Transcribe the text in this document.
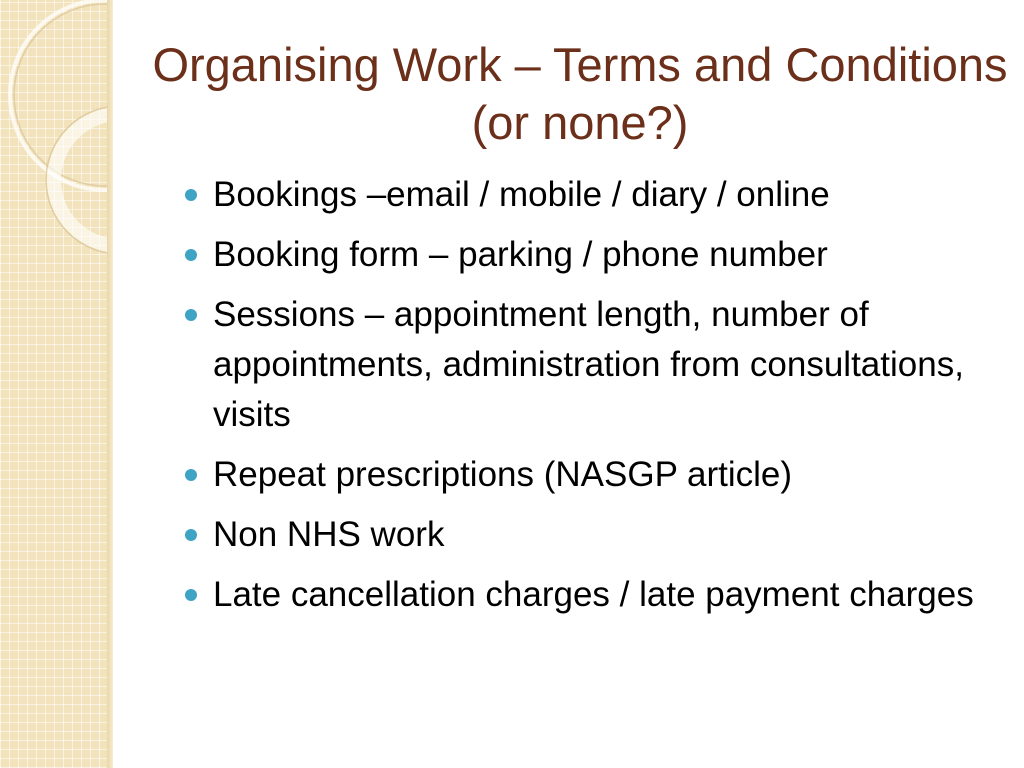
Organising Work – Terms and Conditions (or none?)
Bookings –email / mobile / diary / online
Booking form – parking / phone number
Sessions – appointment length, number of appointments, administration from consultations, visits
Repeat prescriptions (NASGP article)
Non NHS work
Late cancellation charges / late payment charges
